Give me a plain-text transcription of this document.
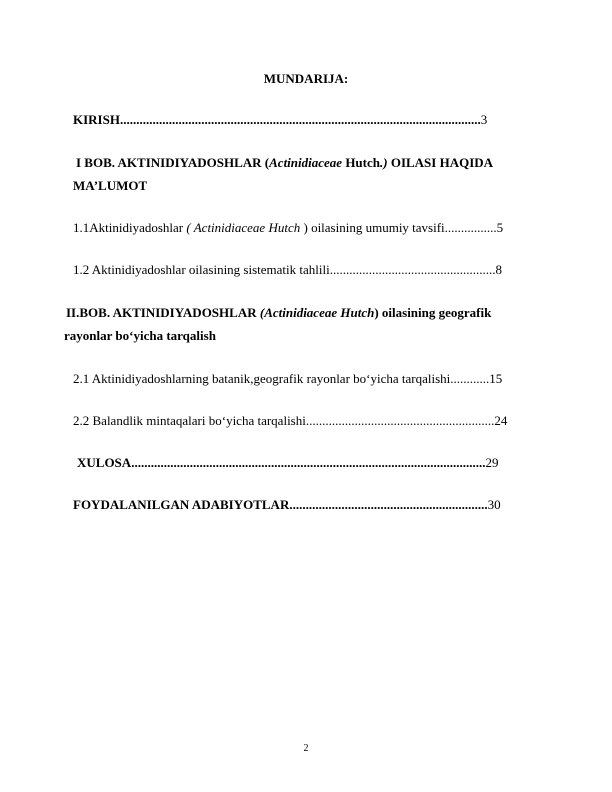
MUNDARIJA:
KIRISH...............................................................................................................3
I BOB. AKTINIDIYADOSHLAR (Actinidiaceae Hutch.) OILASI HAQIDA
MA’LUMOT
1.1Aktinidiyadoshlar ( Actinidiaceae Hutch ) oilasining umumiy tavsifi................5
1.2 Aktinidiyadoshlar oilasining sistematik tahlili...................................................8
II.BOB. AKTINIDIYADOSHLAR (Actinidiaceae Hutch) oilasining geografik
rayonlar bo‘yicha tarqalish
2.1 Aktinidiyadoshlarning batanik,geografik rayonlar bo‘yicha tarqalishi............15
2.2 Balandlik mintaqalari bo‘yicha tarqalishi..........................................................24
XULOSA.............................................................................................................29
FOYDALANILGAN ADABIYOTLAR.............................................................30
2
